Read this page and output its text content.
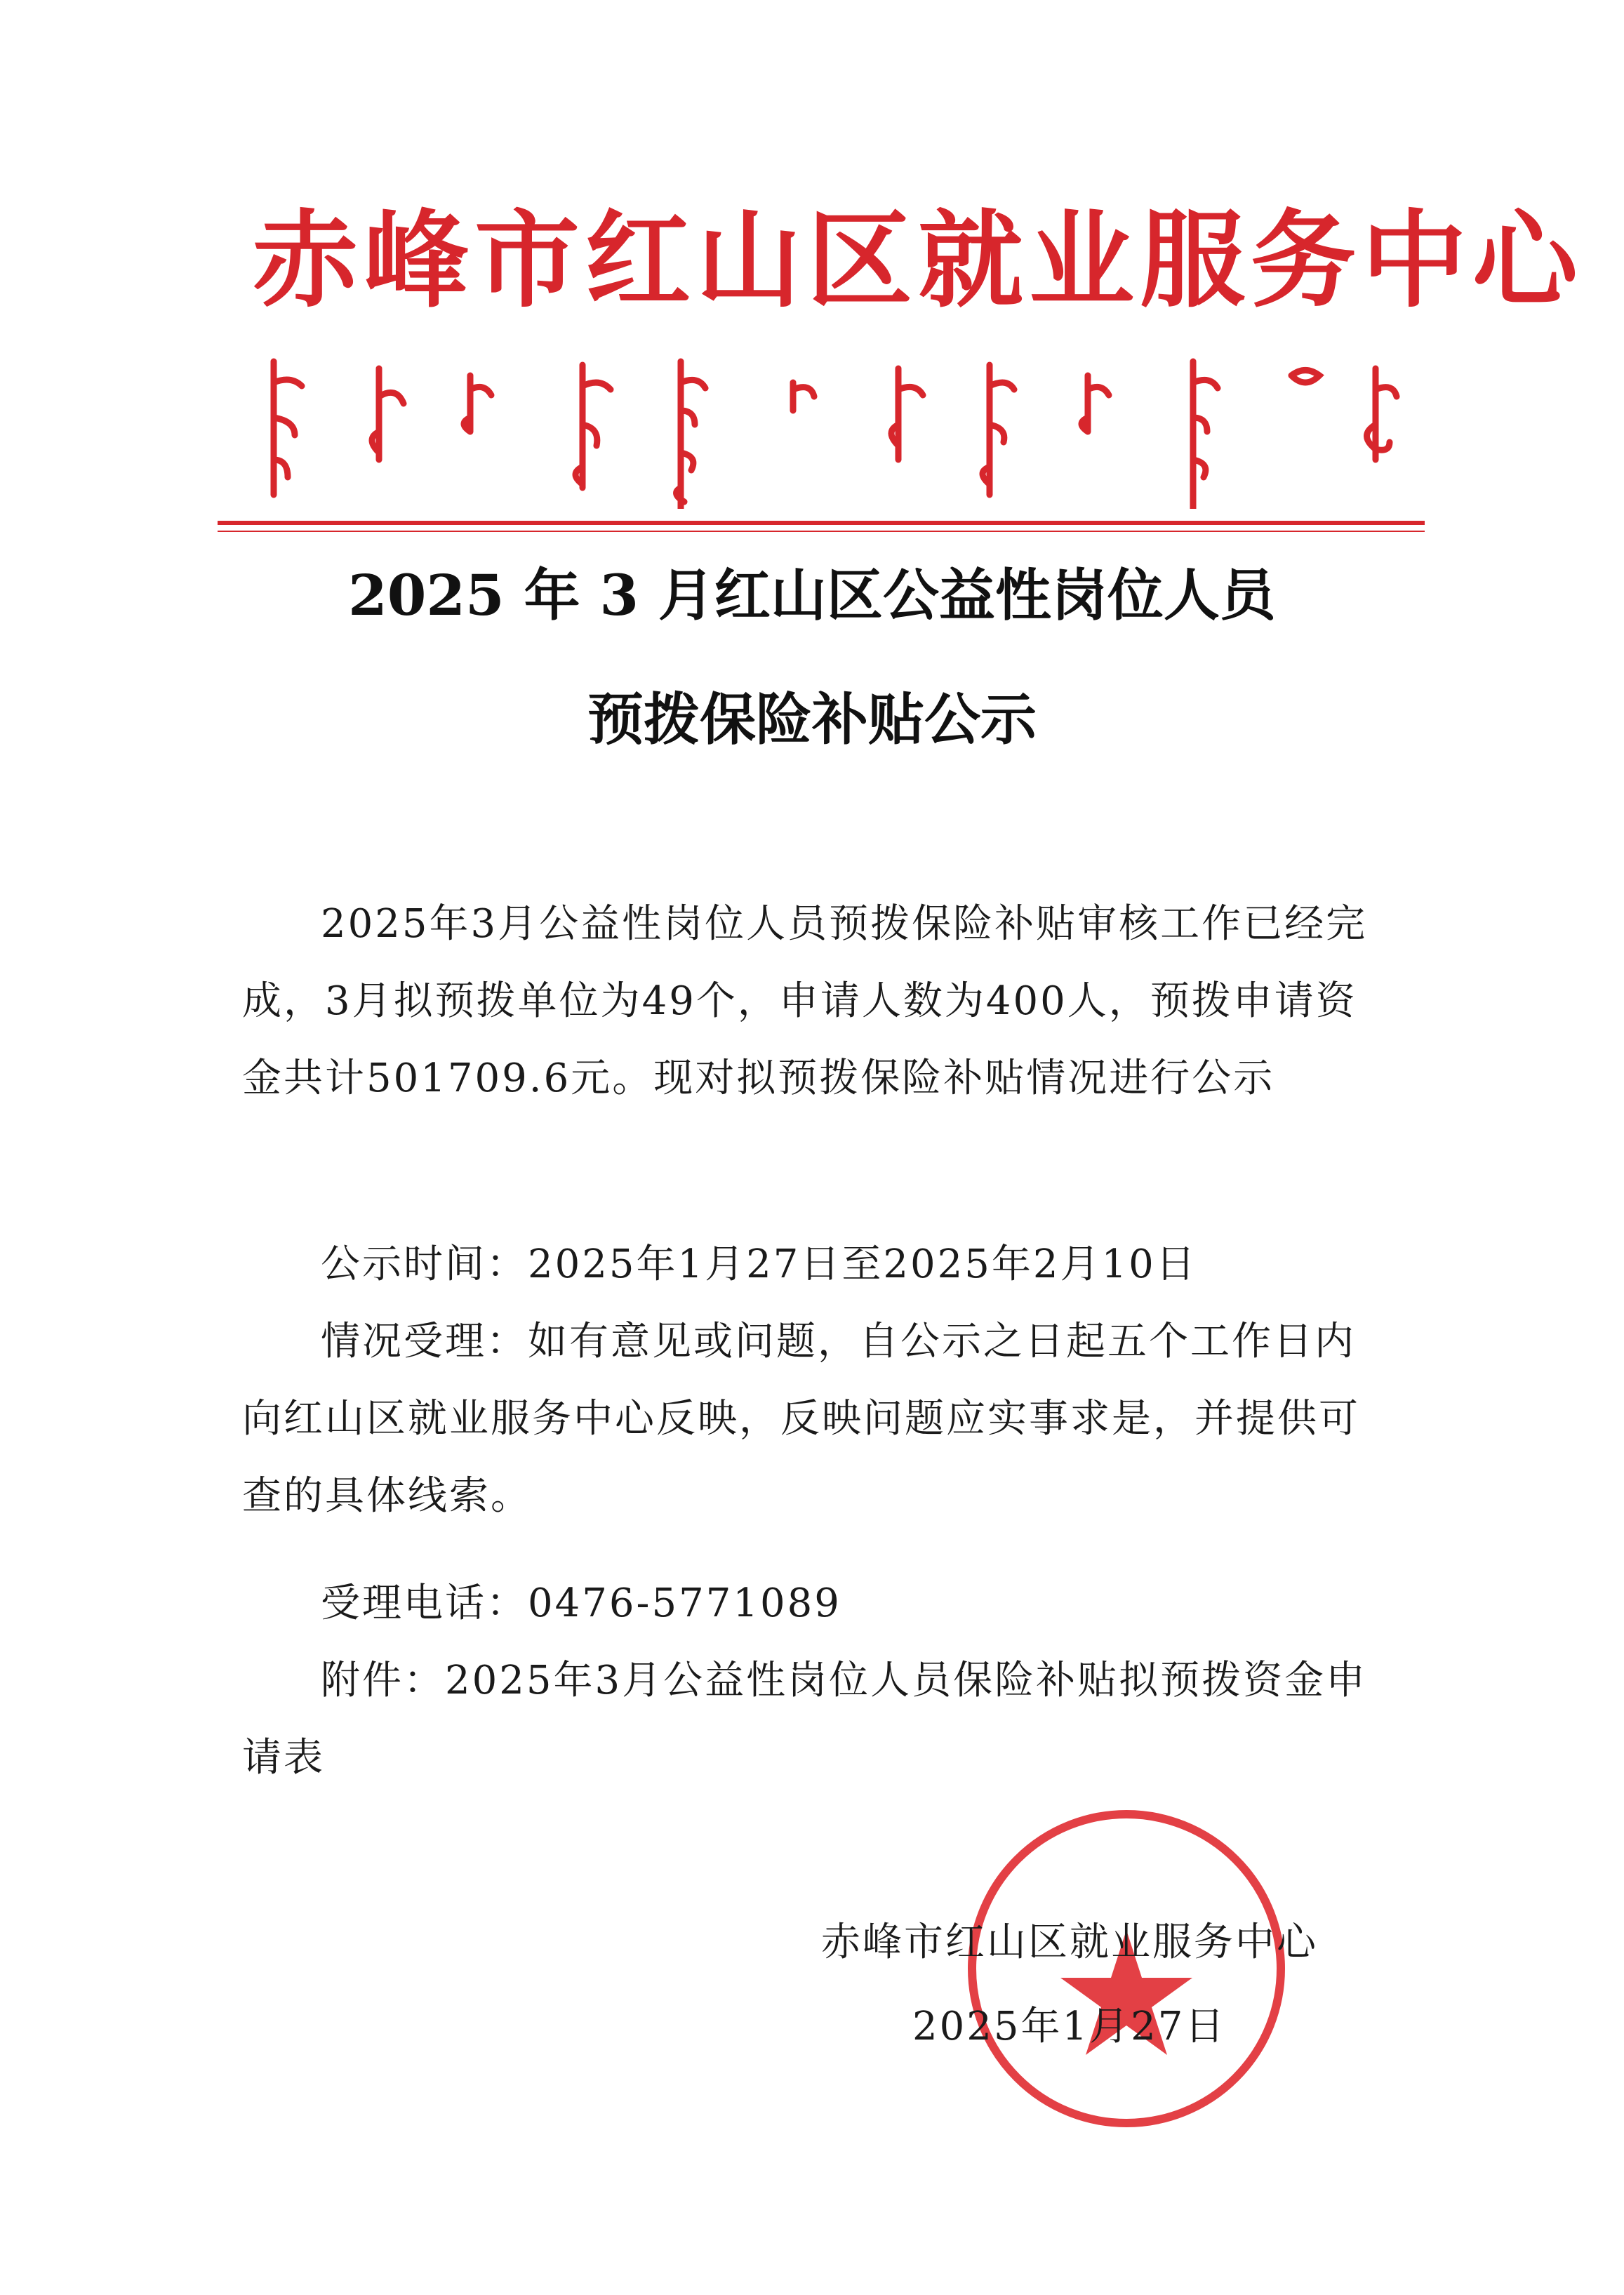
赤峰市红山区就业服务中心
2025 年 3 月红山区公益性岗位人员
预拨保险补贴公示

2025年3月公益性岗位人员预拨保险补贴审核工作已经完成，3月拟预拨单位为49个，申请人数为400人，预拨申请资金共计501709.6元。现对拟预拨保险补贴情况进行公示

公示时间：2025年1月27日至2025年2月10日

情况受理：如有意见或问题，自公示之日起五个工作日内向红山区就业服务中心反映，反映问题应实事求是，并提供可查的具体线索。

受理电话：0476-5771089

附件：2025年3月公益性岗位人员保险补贴拟预拨资金申请表

赤峰市红山区就业服务中心
2025年1月27日
